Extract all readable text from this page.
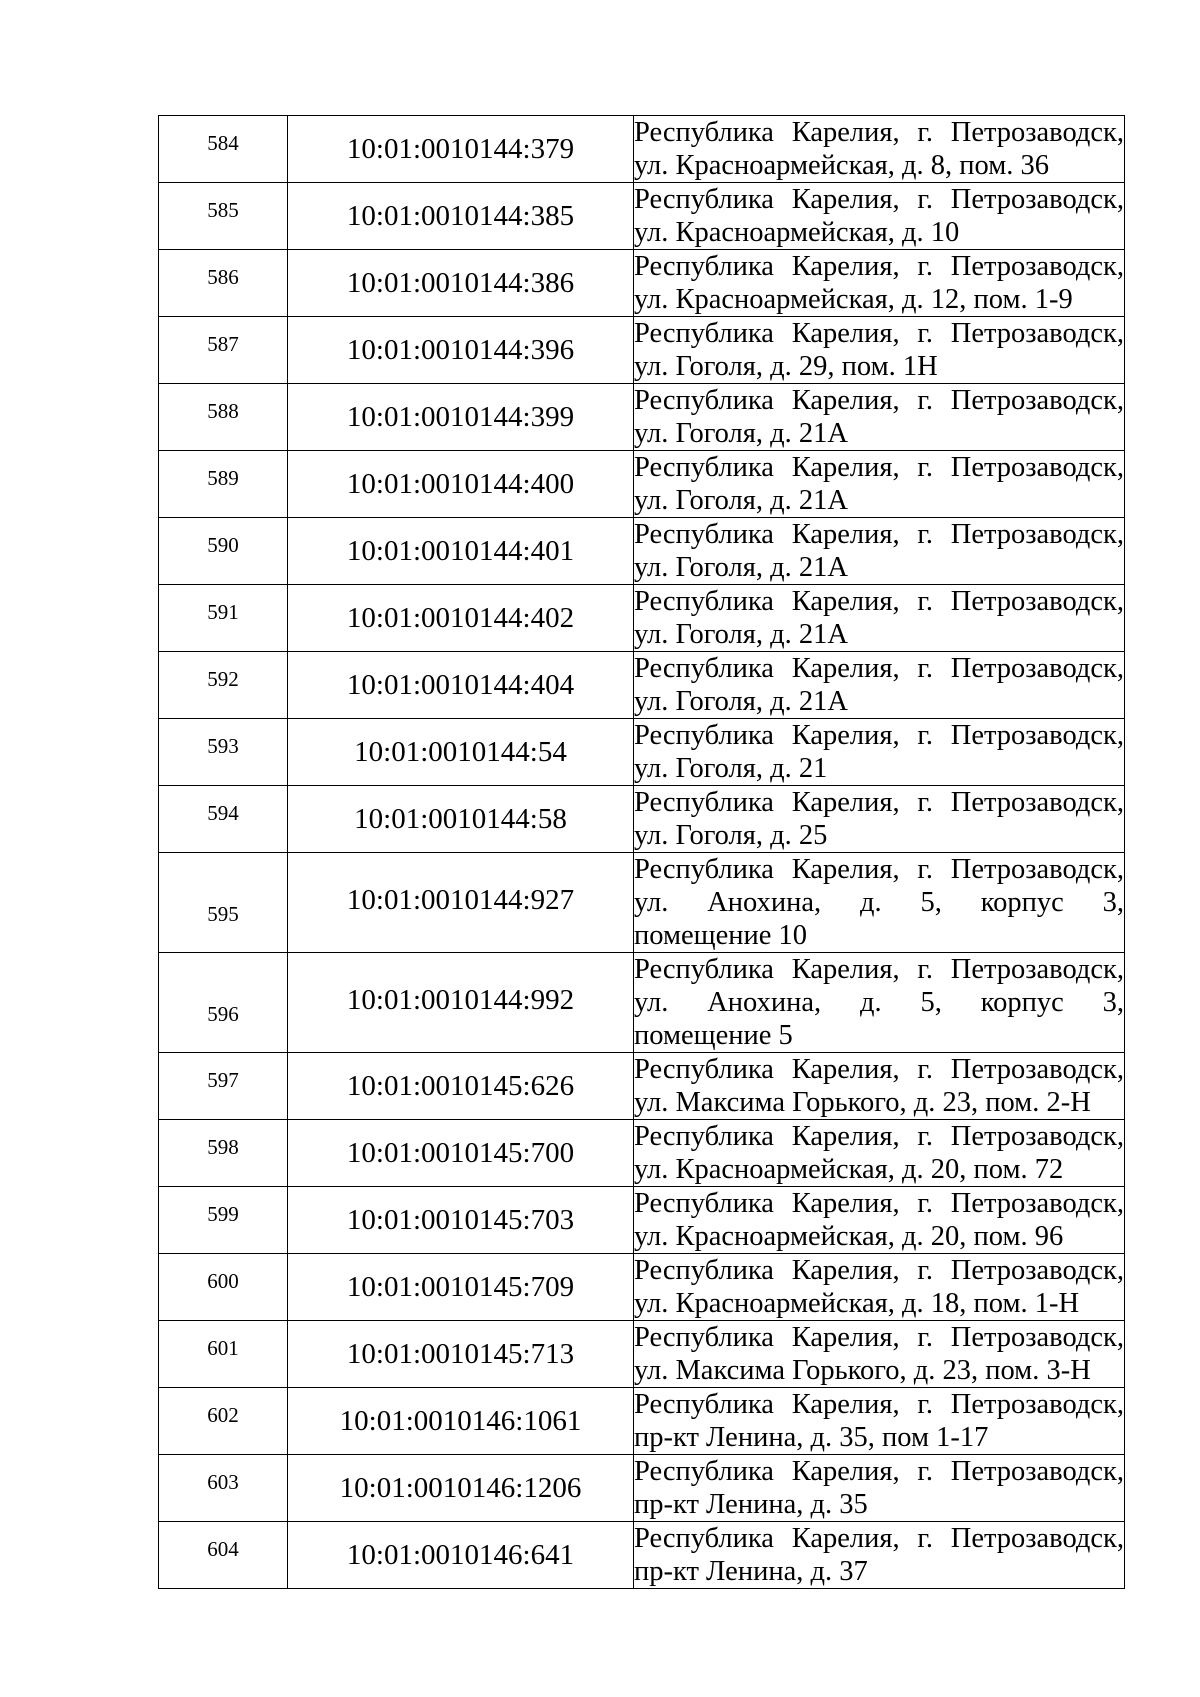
584	10:01:0010144:379	Республика Карелия, г. Петрозаводск,
ул. Красноармейская, д. 8, пом. 36

585	10:01:0010144:385	Республика Карелия, г. Петрозаводск,
ул. Красноармейская, д. 10

586	10:01:0010144:386	Республика Карелия, г. Петрозаводск,
ул. Красноармейская, д. 12, пом. 1-9

587	10:01:0010144:396	Республика Карелия, г. Петрозаводск,
ул. Гоголя, д. 29, пом. 1Н

588	10:01:0010144:399	Республика Карелия, г. Петрозаводск,
ул. Гоголя, д. 21А

589	10:01:0010144:400	Республика Карелия, г. Петрозаводск,
ул. Гоголя, д. 21А

590	10:01:0010144:401	Республика Карелия, г. Петрозаводск,
ул. Гоголя, д. 21А

591	10:01:0010144:402	Республика Карелия, г. Петрозаводск,
ул. Гоголя, д. 21А

592	10:01:0010144:404	Республика Карелия, г. Петрозаводск,
ул. Гоголя, д. 21А

593	10:01:0010144:54	Республика Карелия, г. Петрозаводск,
ул. Гоголя, д. 21

594	10:01:0010144:58	Республика Карелия, г. Петрозаводск,
ул. Гоголя, д. 25

595	10:01:0010144:927	Республика Карелия, г. Петрозаводск,
ул. Анохина, д. 5, корпус 3,
помещение 10

596	10:01:0010144:992	Республика Карелия, г. Петрозаводск,
ул. Анохина, д. 5, корпус 3,
помещение 5

597	10:01:0010145:626	Республика Карелия, г. Петрозаводск,
ул. Максима Горького, д. 23, пом. 2-Н

598	10:01:0010145:700	Республика Карелия, г. Петрозаводск,
ул. Красноармейская, д. 20, пом. 72

599	10:01:0010145:703	Республика Карелия, г. Петрозаводск,
ул. Красноармейская, д. 20, пом. 96

600	10:01:0010145:709	Республика Карелия, г. Петрозаводск,
ул. Красноармейская, д. 18, пом. 1-Н

601	10:01:0010145:713	Республика Карелия, г. Петрозаводск,
ул. Максима Горького, д. 23, пом. 3-Н

602	10:01:0010146:1061	Республика Карелия, г. Петрозаводск,
пр-кт Ленина, д. 35, пом 1-17

603	10:01:0010146:1206	Республика Карелия, г. Петрозаводск,
пр-кт Ленина, д. 35

604	10:01:0010146:641	Республика Карелия, г. Петрозаводск,
пр-кт Ленина, д. 37
